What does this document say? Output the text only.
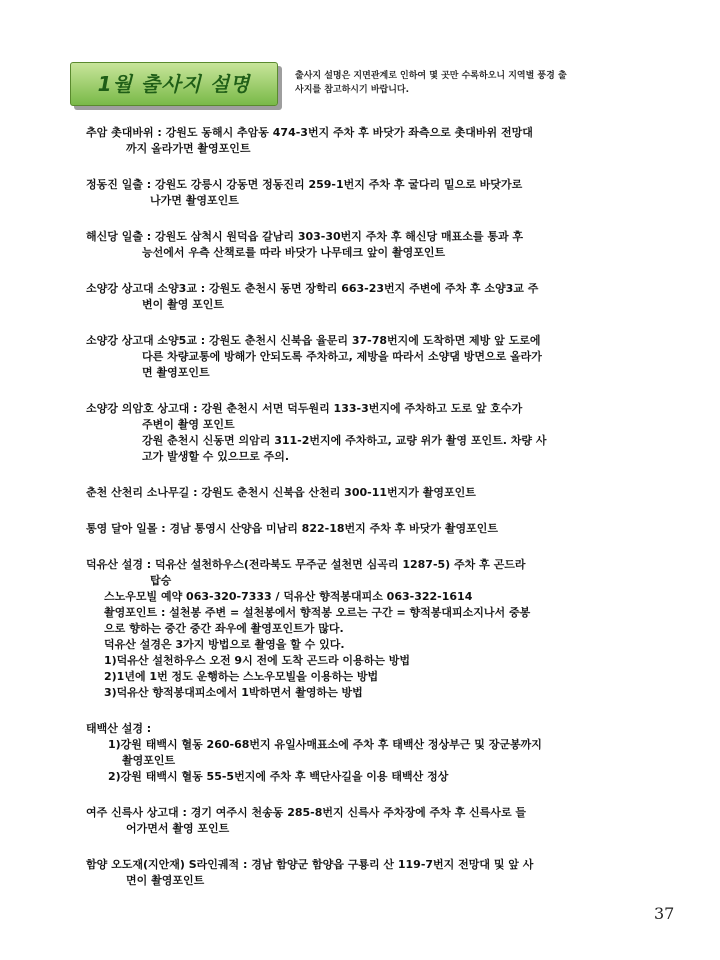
1월 출사지 설명	출사지 설명은 지면관계로 인하여 몇 곳만 수록하오니 지역별 풍경 출
사지를 참고하시기 바랍니다.
추암 촛대바위 : 강원도 동해시 추암동 474-3번지 주차 후 바닷가 좌측으로 촛대바위 전망대
까지 올라가면 촬영포인트
정동진 일출 : 강원도 강릉시 강동면 정동진리 259-1번지 주차 후 굴다리 밑으로 바닷가로
나가면 촬영포인트
해신당 일출 : 강원도 삼척시 원덕읍 갈남리 303-30번지 주차 후 해신당 매표소를 통과 후
능선에서 우측 산책로를 따라 바닷가 나무데크 앞이 촬영포인트
소양강 상고대 소양3교 : 강원도 춘천시 동면 장학리 663-23번지 주변에 주차 후 소양3교 주
변이 촬영 포인트
소양강 상고대 소양5교 : 강원도 춘천시 신북읍 율문리 37-78번지에 도착하면 제방 앞 도로에
다른 차량교통에 방해가 안되도록 주차하고, 제방을 따라서 소양댐 방면으로 올라가
면 촬영포인트
소양강 의암호 상고대 : 강원 춘천시 서면 덕두원리 133-3번지에 주차하고 도로 앞 호수가
주변이 촬영 포인트
강원 춘천시 신동면 의암리 311-2번지에 주차하고, 교량 위가 촬영 포인트. 차량 사
고가 발생할 수 있으므로 주의.
춘천 산천리 소나무길 : 강원도 춘천시 신북읍 산천리 300-11번지가 촬영포인트
통영 달아 일몰 : 경남 통영시 산양읍 미남리 822-18번지 주차 후 바닷가 촬영포인트
덕유산 설경 : 덕유산 설천하우스(전라북도 무주군 설천면 심곡리 1287-5) 주차 후 곤드라
탑승
스노우모빌 예약 063-320-7333 / 덕유산 향적봉대피소 063-322-1614
촬영포인트 : 설천봉 주변 = 설천봉에서 향적봉 오르는 구간 = 향적봉대피소지나서 중봉
으로 향하는 중간 중간 좌우에 촬영포인트가 많다.
덕유산 설경은 3가지 방법으로 촬영을 할 수 있다.
1)덕유산 설천하우스 오전 9시 전에 도착 곤드라 이용하는 방법
2)1년에 1번 정도 운행하는 스노우모빌을 이용하는 방법
3)덕유산 향적봉대피소에서 1박하면서 촬영하는 방법
태백산 설경 :
1)강원 태백시 혈동 260-68번지 유일사매표소에 주차 후 태백산 정상부근 및 장군봉까지
촬영포인트
2)강원 태백시 혈동 55-5번지에 주차 후 백단사길을 이용 태백산 정상
여주 신륵사 상고대 : 경기 여주시 천송동 285-8번지 신륵사 주차장에 주차 후 신륵사로 들
어가면서 촬영 포인트
함양 오도재(지안재) S라인궤적 : 경남 함양군 함양읍 구룡리 산 119-7번지 전망대 및 앞 사
면이 촬영포인트
37
